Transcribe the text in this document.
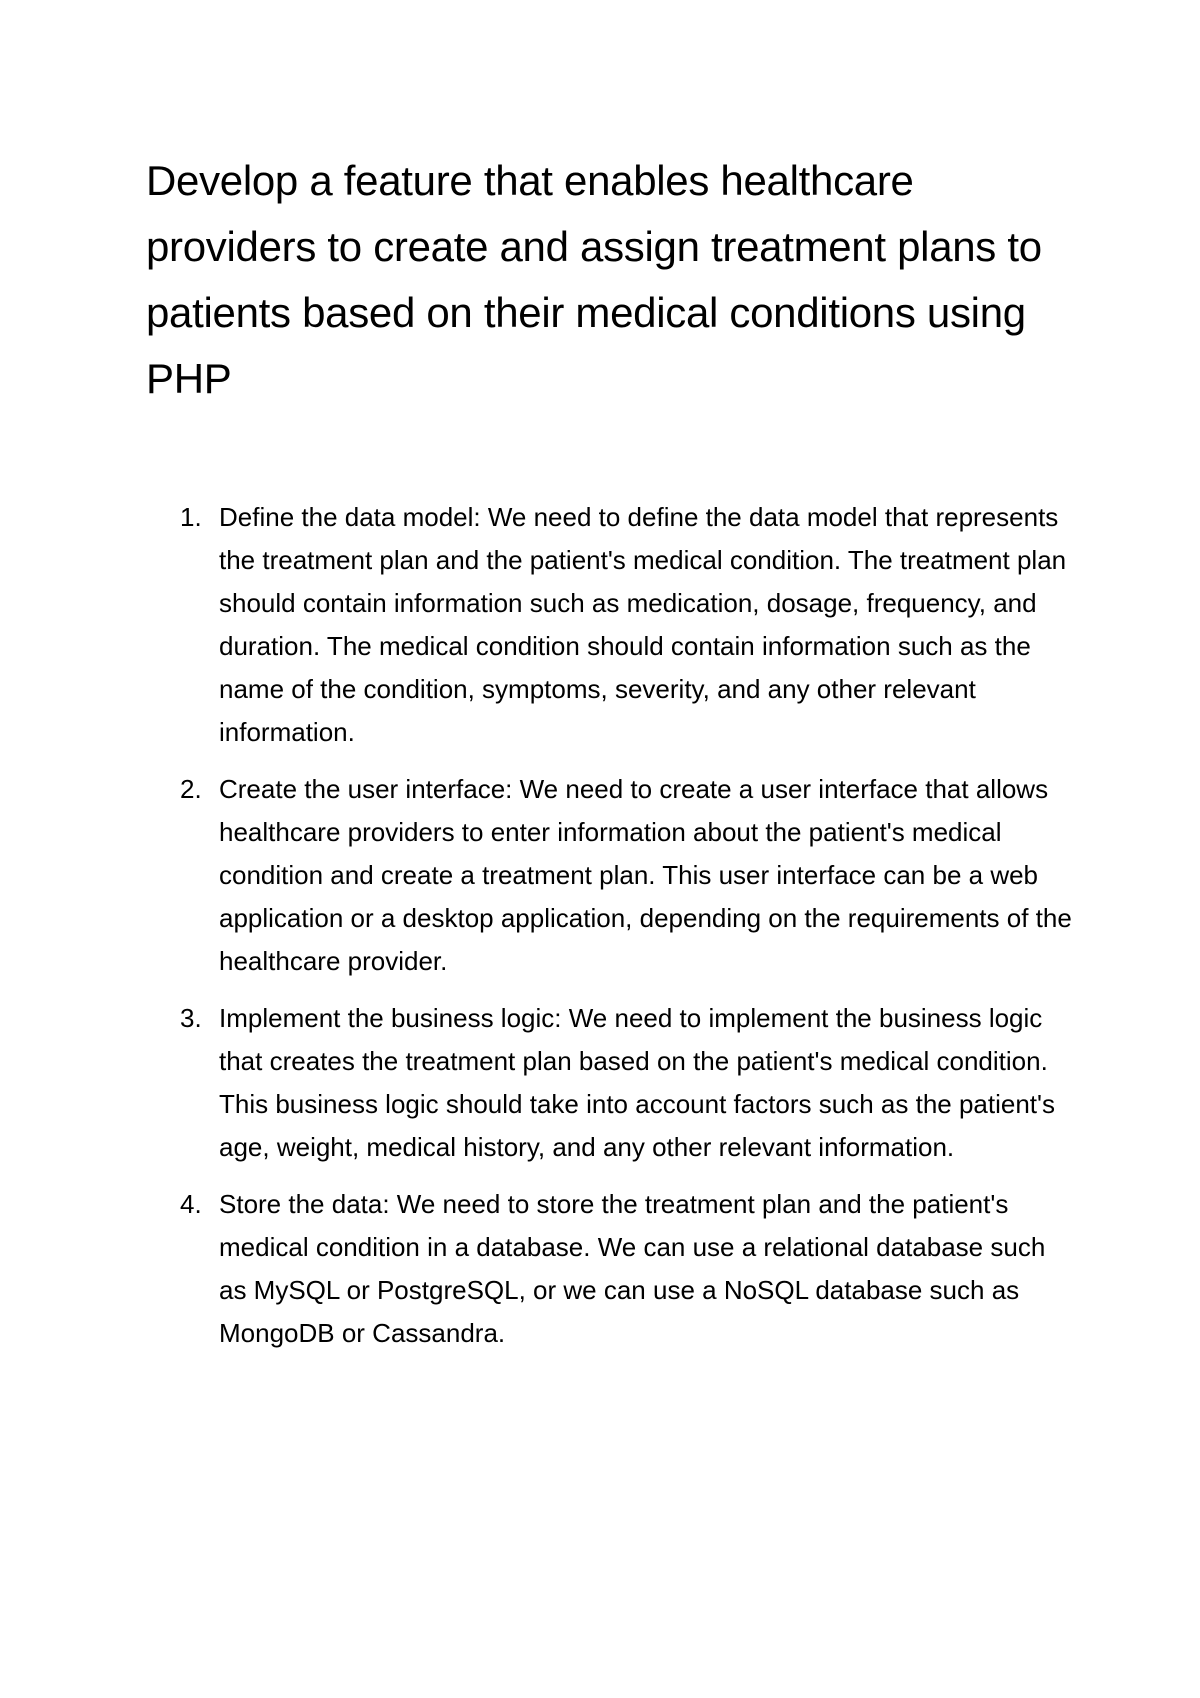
Develop a feature that enables healthcare providers to create and assign treatment plans to patients based on their medical conditions using PHP
1. Define the data model: We need to define the data model that represents the treatment plan and the patient's medical condition. The treatment plan should contain information such as medication, dosage, frequency, and duration. The medical condition should contain information such as the name of the condition, symptoms, severity, and any other relevant information.
2. Create the user interface: We need to create a user interface that allows healthcare providers to enter information about the patient's medical condition and create a treatment plan. This user interface can be a web application or a desktop application, depending on the requirements of the healthcare provider.
3. Implement the business logic: We need to implement the business logic that creates the treatment plan based on the patient's medical condition. This business logic should take into account factors such as the patient's age, weight, medical history, and any other relevant information.
4. Store the data: We need to store the treatment plan and the patient's medical condition in a database. We can use a relational database such as MySQL or PostgreSQL, or we can use a NoSQL database such as MongoDB or Cassandra.
